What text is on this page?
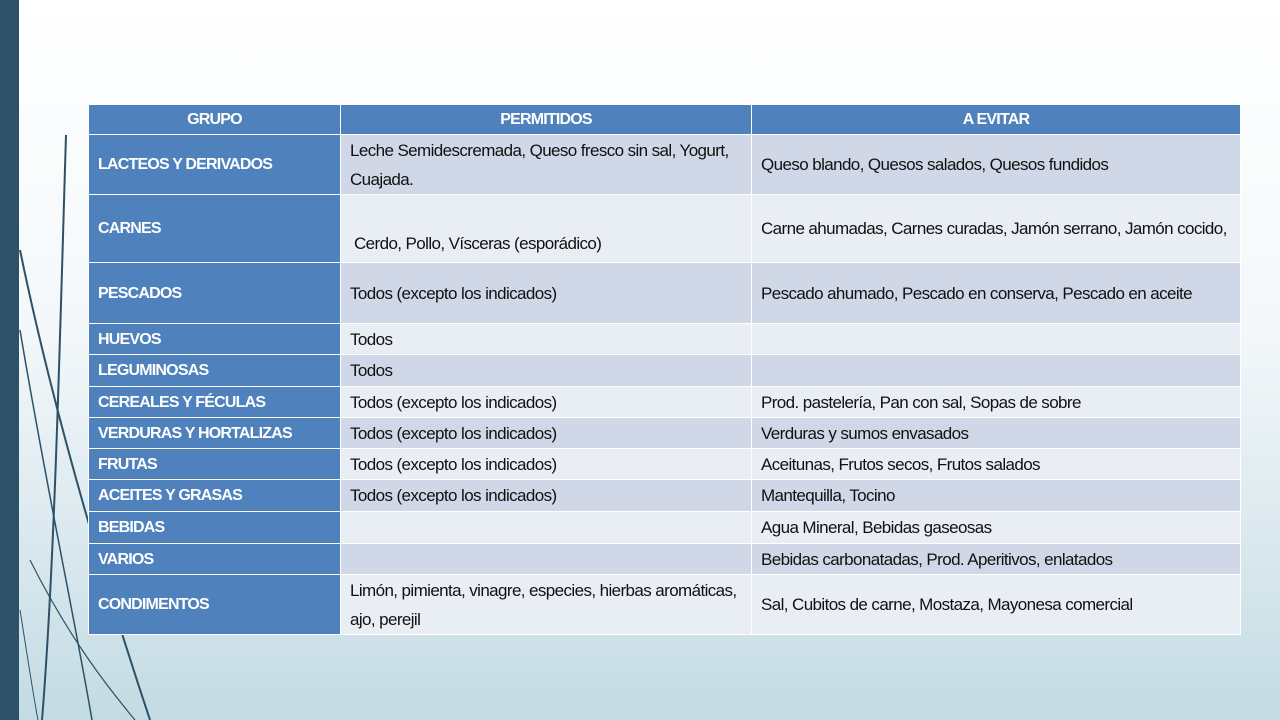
GRUPO	PERMITIDOS	A EVITAR
LACTEOS Y DERIVADOS	Leche Semidescremada, Queso fresco sin sal, Yogurt, Cuajada.	Queso blando, Quesos salados, Quesos fundidos
CARNES	Cerdo, Pollo, Vísceras (esporádico)	Carne ahumadas, Carnes curadas, Jamón serrano, Jamón cocido,
PESCADOS	Todos (excepto los indicados)	Pescado ahumado, Pescado en conserva, Pescado en aceite
HUEVOS	Todos	
LEGUMINOSAS	Todos	
CEREALES Y FÉCULAS	Todos (excepto los indicados)	Prod. pastelería, Pan con sal, Sopas de sobre
VERDURAS Y HORTALIZAS	Todos (excepto los indicados)	Verduras y sumos envasados
FRUTAS	Todos (excepto los indicados)	Aceitunas, Frutos secos, Frutos salados
ACEITES Y GRASAS	Todos (excepto los indicados)	Mantequilla, Tocino
BEBIDAS		Agua Mineral, Bebidas gaseosas
VARIOS		Bebidas carbonatadas, Prod. Aperitivos, enlatados
CONDIMENTOS	Limón, pimienta, vinagre, especies, hierbas aromáticas, ajo, perejil	Sal, Cubitos de carne, Mostaza, Mayonesa comercial
